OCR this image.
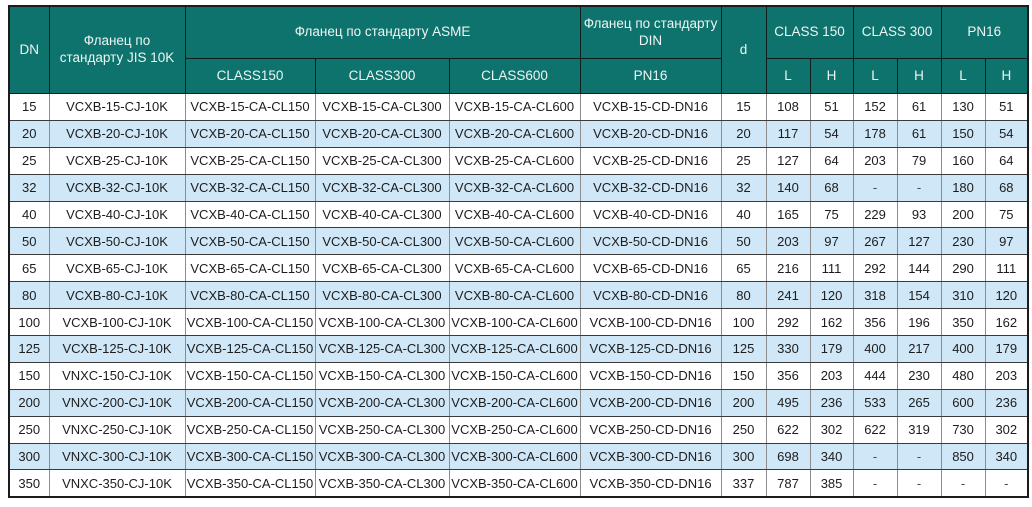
DN	Фланец по стандарту JIS 10K	Фланец по стандарту ASME			Фланец по стандарту DIN	d	CLASS 150		CLASS 300		PN16	
		CLASS150	CLASS300	CLASS600	PN16		L	H	L	H	L	H
15	VCXB-15-CJ-10K	VCXB-15-CA-CL150	VCXB-15-CA-CL300	VCXB-15-CA-CL600	VCXB-15-CD-DN16	15	108	51	152	61	130	51
20	VCXB-20-CJ-10K	VCXB-20-CA-CL150	VCXB-20-CA-CL300	VCXB-20-CA-CL600	VCXB-20-CD-DN16	20	117	54	178	61	150	54
25	VCXB-25-CJ-10K	VCXB-25-CA-CL150	VCXB-25-CA-CL300	VCXB-25-CA-CL600	VCXB-25-CD-DN16	25	127	64	203	79	160	64
32	VCXB-32-CJ-10K	VCXB-32-CA-CL150	VCXB-32-CA-CL300	VCXB-32-CA-CL600	VCXB-32-CD-DN16	32	140	68	-	-	180	68
40	VCXB-40-CJ-10K	VCXB-40-CA-CL150	VCXB-40-CA-CL300	VCXB-40-CA-CL600	VCXB-40-CD-DN16	40	165	75	229	93	200	75
50	VCXB-50-CJ-10K	VCXB-50-CA-CL150	VCXB-50-CA-CL300	VCXB-50-CA-CL600	VCXB-50-CD-DN16	50	203	97	267	127	230	97
65	VCXB-65-CJ-10K	VCXB-65-CA-CL150	VCXB-65-CA-CL300	VCXB-65-CA-CL600	VCXB-65-CD-DN16	65	216	111	292	144	290	111
80	VCXB-80-CJ-10K	VCXB-80-CA-CL150	VCXB-80-CA-CL300	VCXB-80-CA-CL600	VCXB-80-CD-DN16	80	241	120	318	154	310	120
100	VCXB-100-CJ-10K	VCXB-100-CA-CL150	VCXB-100-CA-CL300	VCXB-100-CA-CL600	VCXB-100-CD-DN16	100	292	162	356	196	350	162
125	VCXB-125-CJ-10K	VCXB-125-CA-CL150	VCXB-125-CA-CL300	VCXB-125-CA-CL600	VCXB-125-CD-DN16	125	330	179	400	217	400	179
150	VNXC-150-CJ-10K	VCXB-150-CA-CL150	VCXB-150-CA-CL300	VCXB-150-CA-CL600	VCXB-150-CD-DN16	150	356	203	444	230	480	203
200	VNXC-200-CJ-10K	VCXB-200-CA-CL150	VCXB-200-CA-CL300	VCXB-200-CA-CL600	VCXB-200-CD-DN16	200	495	236	533	265	600	236
250	VNXC-250-CJ-10K	VCXB-250-CA-CL150	VCXB-250-CA-CL300	VCXB-250-CA-CL600	VCXB-250-CD-DN16	250	622	302	622	319	730	302
300	VNXC-300-CJ-10K	VCXB-300-CA-CL150	VCXB-300-CA-CL300	VCXB-300-CA-CL600	VCXB-300-CD-DN16	300	698	340	-	-	850	340
350	VNXC-350-CJ-10K	VCXB-350-CA-CL150	VCXB-350-CA-CL300	VCXB-350-CA-CL600	VCXB-350-CD-DN16	337	787	385	-	-	-	-
